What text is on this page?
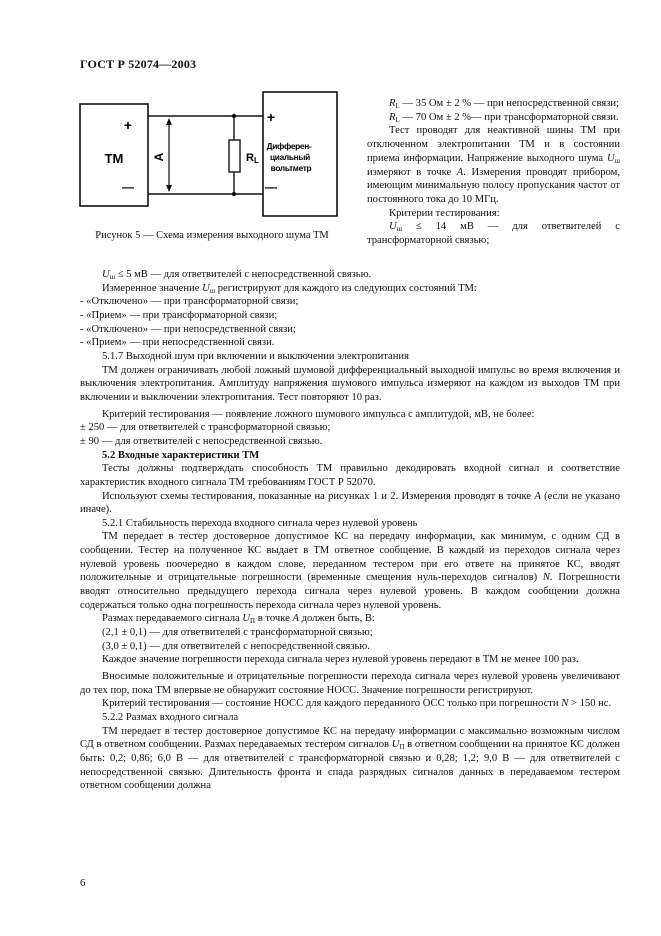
ГОСТ Р 52074—2003
ТМ
+
—
А	RL
+
—
Дифферен-
циальный
вольтметр
Рисунок 5 — Схема измерения выходного шума ТМ

$R_L$ — 35 Ом ± 2 % — при непосредственной связи;

$R_L$ — 70 Ом ± 2 %— при трансформаторной связи.

Тест проводят для неактивной шины ТМ при отключенном электропитании ТМ и в состоянии приема информации. Напряжение выходного шума $U_ш$ измеряют в точке А. Измерения проводят прибором, имеющим минимальную полосу пропускания частот от постоянного тока до 10 МГц.

Критерии тестирования:

$U_ш \le 14$ мВ — для ответвителей с трансформаторной связью;

$U_ш \le 5$ мВ — для ответвителей с непосредственной связью.

Измеренное значение $U_ш$ регистрируют для каждого из следующих состояний ТМ:

- «Отключено» — при трансформаторной связи;

- «Прием» — при трансформаторной связи;

- «Отключено» — при непосредственной связи;

- «Прием» — при непосредственной связи.

5.1.7 Выходной шум при включении и выключении электропитания

ТМ должен ограничивать любой ложный шумовой дифференциальный выходной импульс во время включения и выключения электропитания. Амплитуду напряжения шумового импульса измеряют на каждом из выходов ТМ при включении и выключении электропитания. Тест повторяют 10 раз.

Критерий тестирования — появление ложного шумового импульса с амплитудой, мВ, не более:

± 250 — для ответвителей с трансформаторной связью;

± 90 — для ответвителей с непосредственной связью.

5.2 Входные характеристики ТМ

Тесты должны подтверждать способность ТМ правильно декодировать входной сигнал и соответствие характеристик входного сигнала ТМ требованиям ГОСТ Р 52070.

Используют схемы тестирования, показанные на рисунках 1 и 2. Измерения проводят в точке А (если не указано иначе).

5.2.1 Стабильность перехода входного сигнала через нулевой уровень

ТМ передает в тестер достоверное допустимое КС на передачу информации, как минимум, с одним СД в сообщении. Тестер на полученное КС выдает в ТМ ответное сообщение. В каждый из переходов сигнала через нулевой уровень поочередно в каждом слове, переданном тестером при его ответе на принятое КС, вводят положительные и отрицательные погрешности (временные смещения нуль-переходов сигналов) N. Погрешности вводят относительно предыдущего перехода сигнала через нулевой уровень. В каждом сообщении должна содержаться только одна погрешность перехода сигнала через нулевой уровень.

Размах передаваемого сигнала $U_П$ в точке А должен быть, В:

(2,1 ± 0,1) — для ответвителей с трансформаторной связью;

(3,0 ± 0,1) — для ответвителей с непосредственной связью.

Каждое значение погрешности перехода сигнала через нулевой уровень передают в ТМ не менее 100 раз.

Вносимые положительные и отрицательные погрешности перехода сигнала через нулевой уровень увеличивают до тех пор, пока ТМ впервые не обнаружит состояние НОСС. Значение погрешности регистрируют.

Критерий тестирования — состояние НОСС для каждого переданного ОСС только при погрешности N > 150 нс.

5.2.2 Размах входного сигнала

ТМ передает в тестер достоверное допустимое КС на передачу информации с максимально возможным числом СД в ответном сообщении. Размах передаваемых тестером сигналов $U_П$ в ответном сообщении на принятое КС должен быть: 0,2; 0,86; 6,0 В — для ответвителей с трансформаторной связью и 0,28; 1,2; 9,0 В — для ответвителей с непосредственной связью. Длительность фронта и спада разрядных сигналов данных в передаваемом тестером ответном сообщении должна

6
